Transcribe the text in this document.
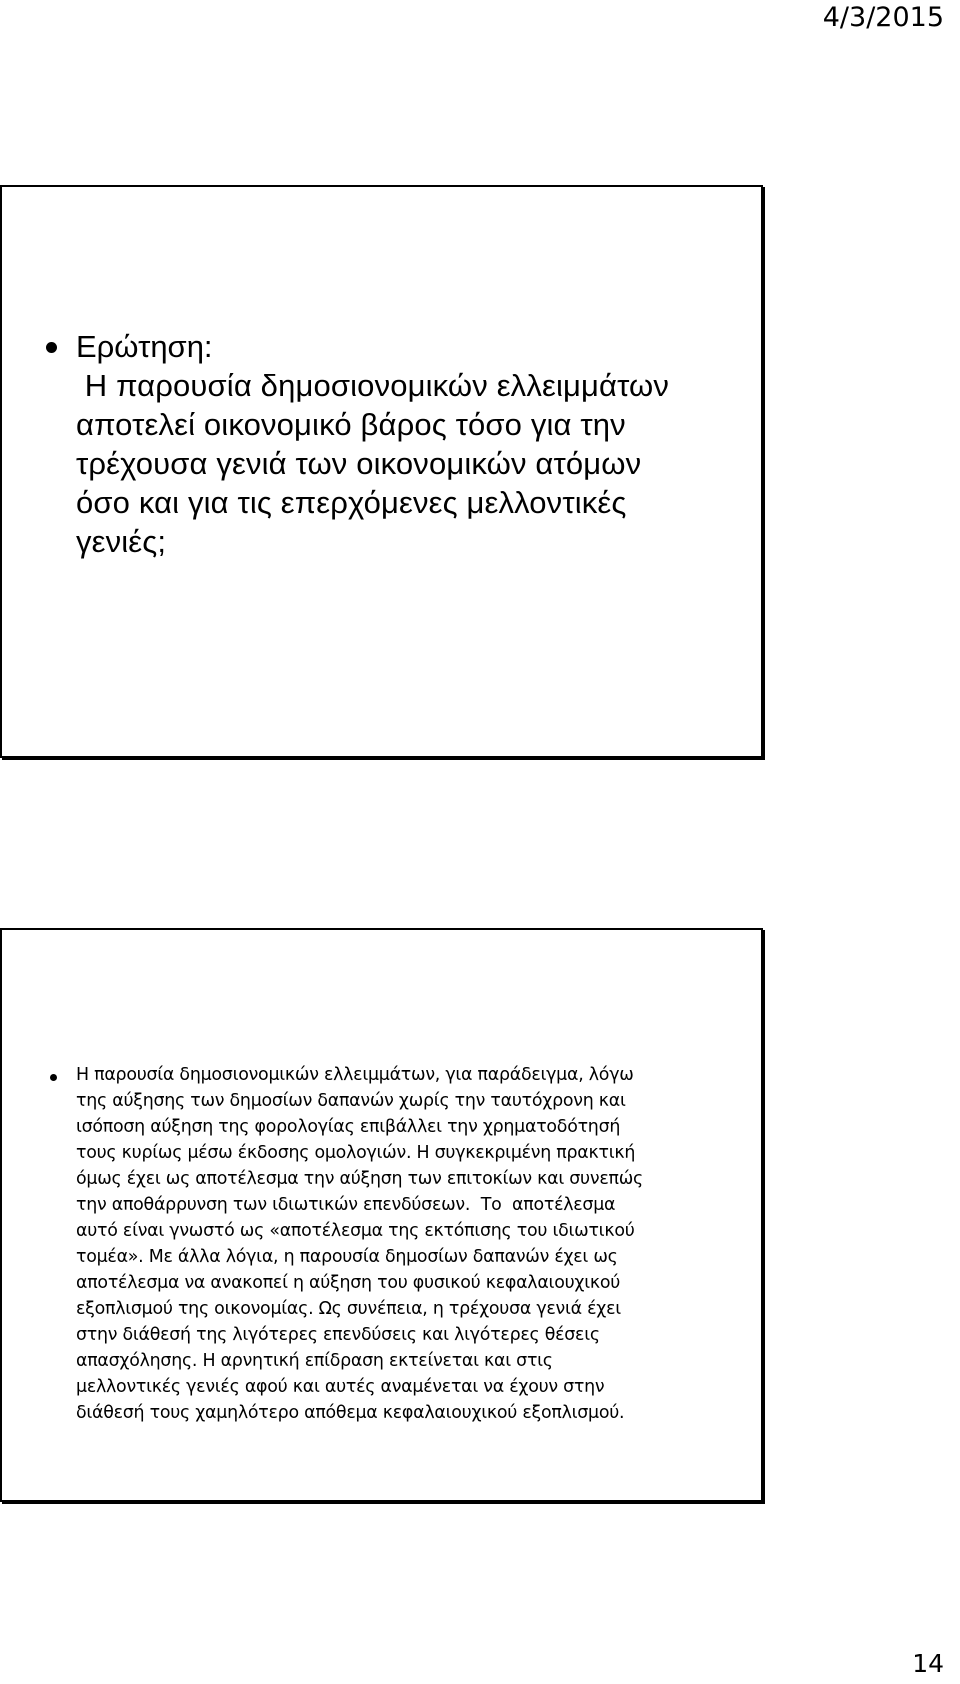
4/3/2015
Ερώτηση:
Η παρουσία δημοσιονομικών ελλειμμάτων
αποτελεί οικονομικό βάρος τόσο για την
τρέχουσα γενιά των οικονομικών ατόμων
όσο και για τις επερχόμενες μελλοντικές
γενιές;
Η παρουσία δημοσιονομικών ελλειμμάτων, για παράδειγμα, λόγω
της αύξησης των δημοσίων δαπανών χωρίς την ταυτόχρονη και
ισόποση αύξηση της φορολογίας επιβάλλει την χρηματοδότησή
τους κυρίως μέσω έκδοσης ομολογιών. Η συγκεκριμένη πρακτική
όμως έχει ως αποτέλεσμα την αύξηση των επιτοκίων και συνεπώς
την αποθάρρυνση των ιδιωτικών επενδύσεων.  Το  αποτέλεσμα
αυτό είναι γνωστό ως «αποτέλεσμα της εκτόπισης του ιδιωτικού
τομέα». Με άλλα λόγια, η παρουσία δημοσίων δαπανών έχει ως
αποτέλεσμα να ανακοπεί η αύξηση του φυσικού κεφαλαιουχικού
εξοπλισμού της οικονομίας. Ως συνέπεια, η τρέχουσα γενιά έχει
στην διάθεσή της λιγότερες επενδύσεις και λιγότερες θέσεις
απασχόλησης. Η αρνητική επίδραση εκτείνεται και στις
μελλοντικές γενιές αφού και αυτές αναμένεται να έχουν στην
διάθεσή τους χαμηλότερο απόθεμα κεφαλαιουχικού εξοπλισμού.
14
